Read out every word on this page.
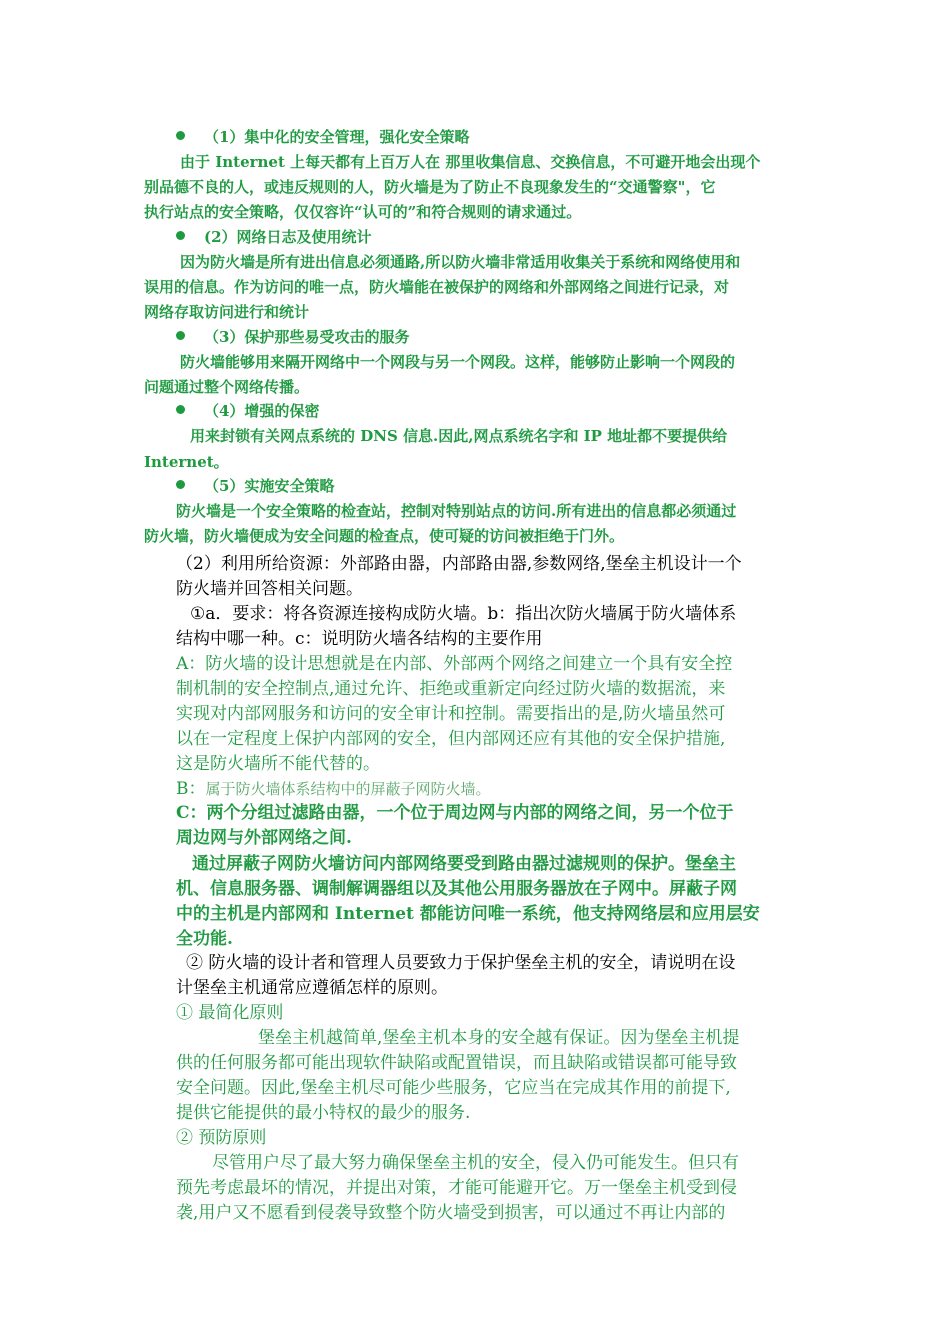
（1）集中化的安全管理，强化安全策略

由于 Internet 上每天都有上百万人在 那里收集信息、交换信息，不可避开地会出现个

别品德不良的人，或违反规则的人，防火墙是为了防止不良现象发生的“交通警察"，它

执行站点的安全策略，仅仅容许“认可的”和符合规则的请求通过。

(2）网络日志及使用统计

因为防火墙是所有进出信息必须通路,所以防火墙非常适用收集关于系统和网络使用和

误用的信息。作为访问的唯一点，防火墙能在被保护的网络和外部网络之间进行记录，对

网络存取访问进行和统计

（3）保护那些易受攻击的服务

防火墙能够用来隔开网络中一个网段与另一个网段。这样，能够防止影响一个网段的

问题通过整个网络传播。

（4）增强的保密

用来封锁有关网点系统的 DNS 信息.因此,网点系统名字和 IP 地址都不要提供给

Internet。

（5）实施安全策略

防火墙是一个安全策略的检查站，控制对特别站点的访问.所有进出的信息都必须通过

防火墙，防火墙便成为安全问题的检查点，使可疑的访问被拒绝于门外。

（2）利用所给资源：外部路由器，内部路由器,参数网络,堡垒主机设计一个

防火墙并回答相关问题。

①a．要求：将各资源连接构成防火墙。b：指出次防火墙属于防火墙体系

结构中哪一种。c：说明防火墙各结构的主要作用

A：防火墙的设计思想就是在内部、外部两个网络之间建立一个具有安全控

制机制的安全控制点,通过允许、拒绝或重新定向经过防火墙的数据流，来

实现对内部网服务和访问的安全审计和控制。需要指出的是,防火墙虽然可

以在一定程度上保护内部网的安全，但内部网还应有其他的安全保护措施,

这是防火墙所不能代替的。

B：属于防火墙体系结构中的屏蔽子网防火墙。

C：两个分组过滤路由器，一个位于周边网与内部的网络之间，另一个位于

周边网与外部网络之间.

通过屏蔽子网防火墙访问内部网络要受到路由器过滤规则的保护。堡垒主

机、信息服务器、调制解调器组以及其他公用服务器放在子网中。屏蔽子网

中的主机是内部网和 Internet 都能访问唯一系统，他支持网络层和应用层安

全功能.

② 防火墙的设计者和管理人员要致力于保护堡垒主机的安全，请说明在设

计堡垒主机通常应遵循怎样的原则。

① 最简化原则

堡垒主机越简单,堡垒主机本身的安全越有保证。因为堡垒主机提

供的任何服务都可能出现软件缺陷或配置错误，而且缺陷或错误都可能导致

安全问题。因此,堡垒主机尽可能少些服务，它应当在完成其作用的前提下,

提供它能提供的最小特权的最少的服务.

② 预防原则

尽管用户尽了最大努力确保堡垒主机的安全，侵入仍可能发生。但只有

预先考虑最坏的情况，并提出对策，才能可能避开它。万一堡垒主机受到侵

袭,用户又不愿看到侵袭导致整个防火墙受到损害，可以通过不再让内部的
